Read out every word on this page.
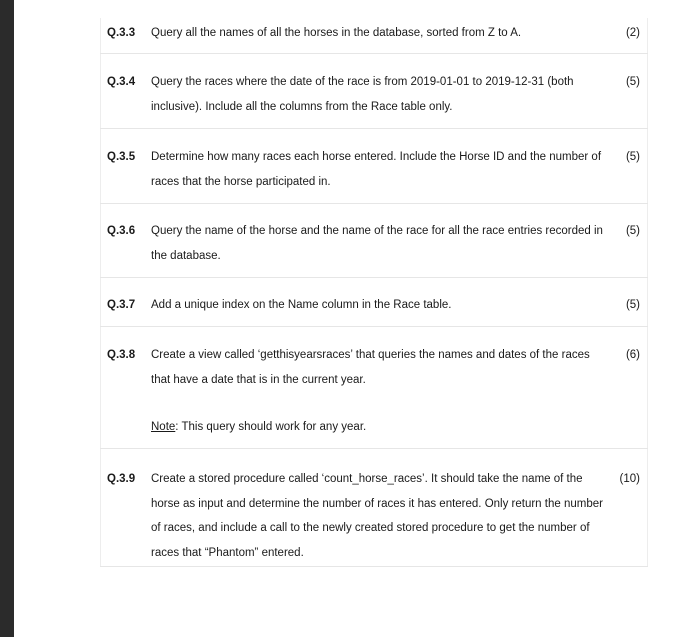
Q.3.3 Query all the names of all the horses in the database, sorted from Z to A.	(2)
Q.3.4 Query the races where the date of the race is from 2019-01-01 to 2019-12-31 (both inclusive). Include all the columns from the Race table only.
(5)
Q.3.5 Determine how many races each horse entered. Include the Horse ID and the number of races that the horse participated in.
(5)
Q.3.6 Query the name of the horse and the name of the race for all the race entries recorded in the database.
(5)
Q.3.7 Add a unique index on the Name column in the Race table.	(5)
Q.3.8 Create a view called ‘getthisyearsraces’ that queries the names and dates of the races that have a date that is in the current year.
(6)
Note: This query should work for any year.
Q.3.9 Create a stored procedure called ‘count_horse_races’. It should take the name of the horse as input and determine the number of races it has entered. Only return the number of races, and include a call to the newly created stored procedure to get the number of races that “Phantom” entered.
(10)
